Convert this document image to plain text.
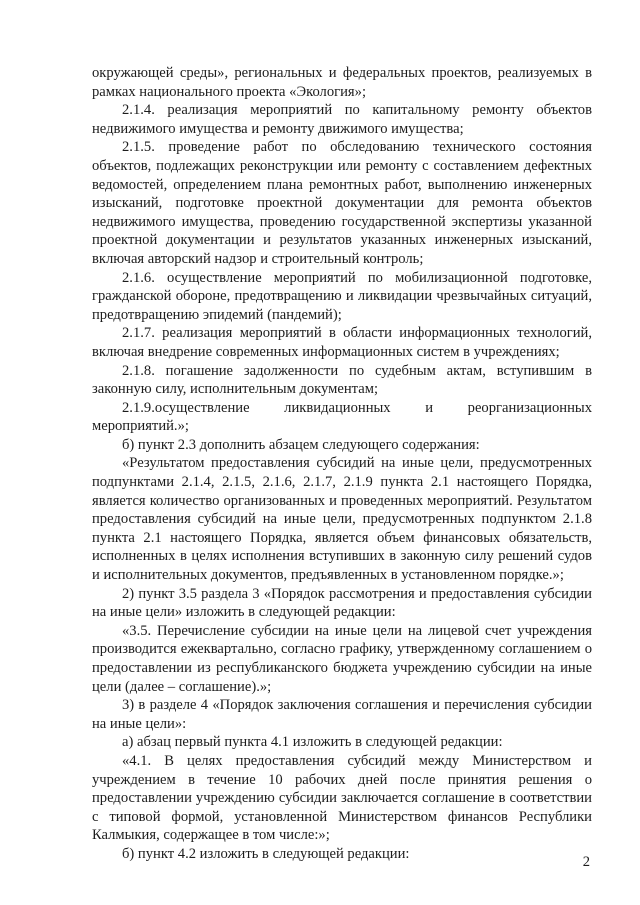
окружающей среды», региональных и федеральных проектов, реализуемых в рамках национального проекта «Экология»;

2.1.4. реализация мероприятий по капитальному ремонту объектов недвижимого имущества и ремонту движимого имущества;

2.1.5. проведение работ по обследованию технического состояния объектов, подлежащих реконструкции или ремонту с составлением дефектных ведомостей, определением плана ремонтных работ, выполнению инженерных изысканий, подготовке проектной документации для ремонта объектов недвижимого имущества, проведению государственной экспертизы указанной проектной документации и результатов указанных инженерных изысканий, включая авторский надзор и строительный контроль;

2.1.6. осуществление мероприятий по мобилизационной подготовке, гражданской обороне, предотвращению и ликвидации чрезвычайных ситуаций, предотвращению эпидемий (пандемий);

2.1.7. реализация мероприятий в области информационных технологий, включая внедрение современных информационных систем в учреждениях;

2.1.8. погашение задолженности по судебным актам, вступившим в законную силу, исполнительным документам;

2.1.9.осуществление ликвидационных и реорганизационных мероприятий.»;

б) пункт 2.3 дополнить абзацем следующего содержания:

«Результатом предоставления субсидий на иные цели, предусмотренных подпунктами 2.1.4, 2.1.5, 2.1.6, 2.1.7, 2.1.9 пункта 2.1 настоящего Порядка, является количество организованных и проведенных мероприятий. Результатом предоставления субсидий на иные цели, предусмотренных подпунктом 2.1.8 пункта 2.1 настоящего Порядка, является объем финансовых обязательств, исполненных в целях исполнения вступивших в законную силу решений судов и исполнительных документов, предъявленных в установленном порядке.»;

2) пункт 3.5 раздела 3 «Порядок рассмотрения и предоставления субсидии на иные цели» изложить в следующей редакции:

«3.5. Перечисление субсидии на иные цели на лицевой счет учреждения производится ежеквартально, согласно графику, утвержденному соглашением о предоставлении из республиканского бюджета учреждению субсидии на иные цели (далее – соглашение).»;

3) в разделе 4 «Порядок заключения соглашения и перечисления субсидии на иные цели»:

а) абзац первый пункта 4.1 изложить в следующей редакции:

«4.1. В целях предоставления субсидий между Министерством и учреждением в течение 10 рабочих дней после принятия решения о предоставлении учреждению субсидии заключается соглашение в соответствии с типовой формой, установленной Министерством финансов Республики Калмыкия, содержащее в том числе:»;

б) пункт 4.2 изложить в следующей редакции:

2
